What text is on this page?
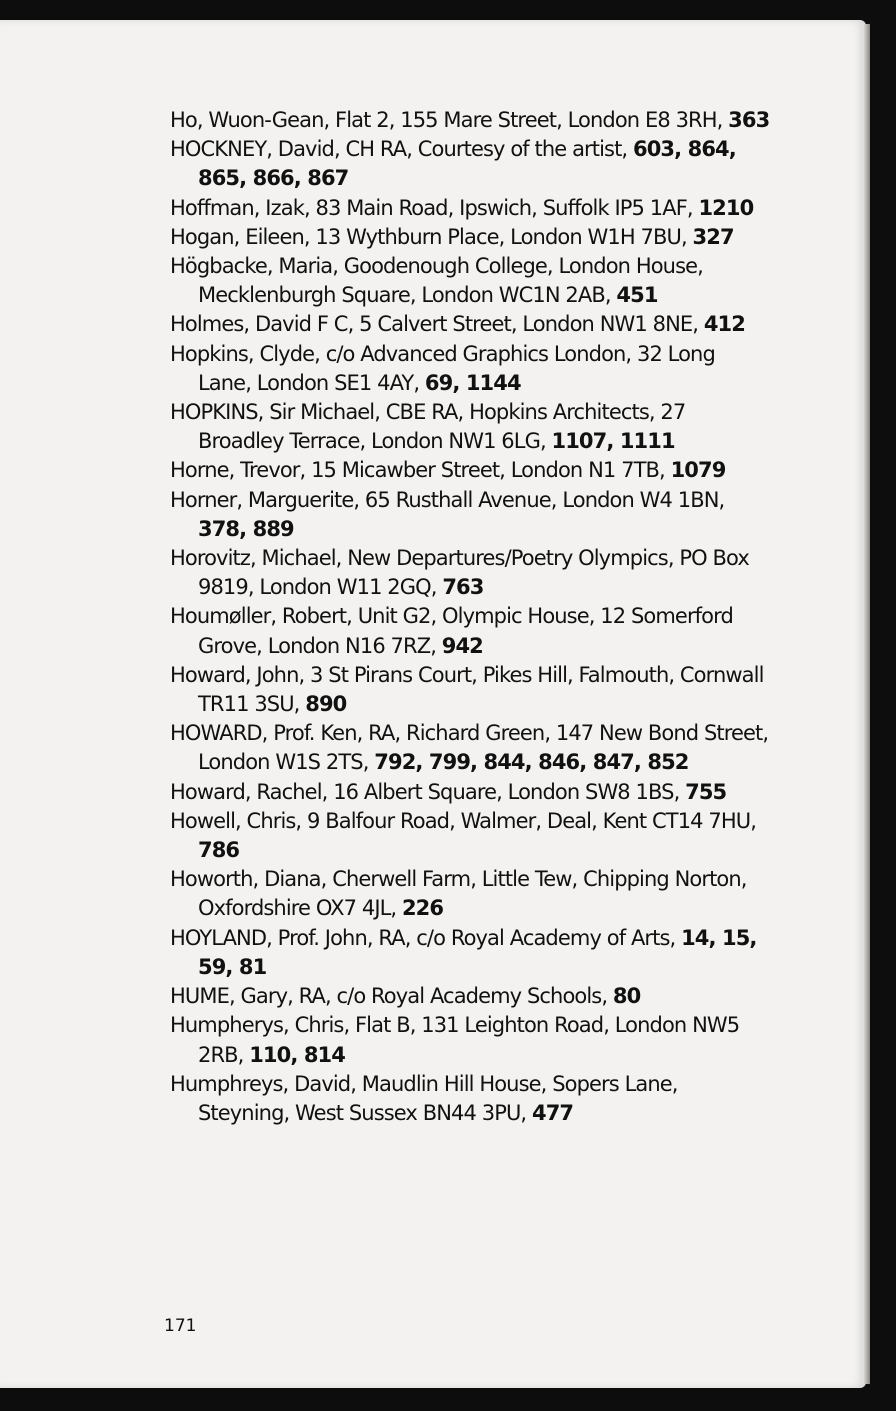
Ho, Wuon-Gean, Flat 2, 155 Mare Street, London E8 3RH, 363

HOCKNEY, David, CH RA, Courtesy of the artist, 603, 864, 865, 866, 867

Hoffman, Izak, 83 Main Road, Ipswich, Suffolk IP5 1AF, 1210

Hogan, Eileen, 13 Wythburn Place, London W1H 7BU, 327

Högbacke, Maria, Goodenough College, London House, Mecklenburgh Square, London WC1N 2AB, 451

Holmes, David F C, 5 Calvert Street, London NW1 8NE, 412

Hopkins, Clyde, c/o Advanced Graphics London, 32 Long Lane, London SE1 4AY, 69, 1144

HOPKINS, Sir Michael, CBE RA, Hopkins Architects, 27 Broadley Terrace, London NW1 6LG, 1107, 1111

Horne, Trevor, 15 Micawber Street, London N1 7TB, 1079

Horner, Marguerite, 65 Rusthall Avenue, London W4 1BN, 378, 889

Horovitz, Michael, New Departures/Poetry Olympics, PO Box 9819, London W11 2GQ, 763

Houmøller, Robert, Unit G2, Olympic House, 12 Somerford Grove, London N16 7RZ, 942

Howard, John, 3 St Pirans Court, Pikes Hill, Falmouth, Cornwall TR11 3SU, 890

HOWARD, Prof. Ken, RA, Richard Green, 147 New Bond Street, London W1S 2TS, 792, 799, 844, 846, 847, 852

Howard, Rachel, 16 Albert Square, London SW8 1BS, 755

Howell, Chris, 9 Balfour Road, Walmer, Deal, Kent CT14 7HU, 786

Howorth, Diana, Cherwell Farm, Little Tew, Chipping Norton, Oxfordshire OX7 4JL, 226

HOYLAND, Prof. John, RA, c/o Royal Academy of Arts, 14, 15, 59, 81

HUME, Gary, RA, c/o Royal Academy Schools, 80

Humpherys, Chris, Flat B, 131 Leighton Road, London NW5 2RB, 110, 814

Humphreys, David, Maudlin Hill House, Sopers Lane, Steyning, West Sussex BN44 3PU, 477

171
